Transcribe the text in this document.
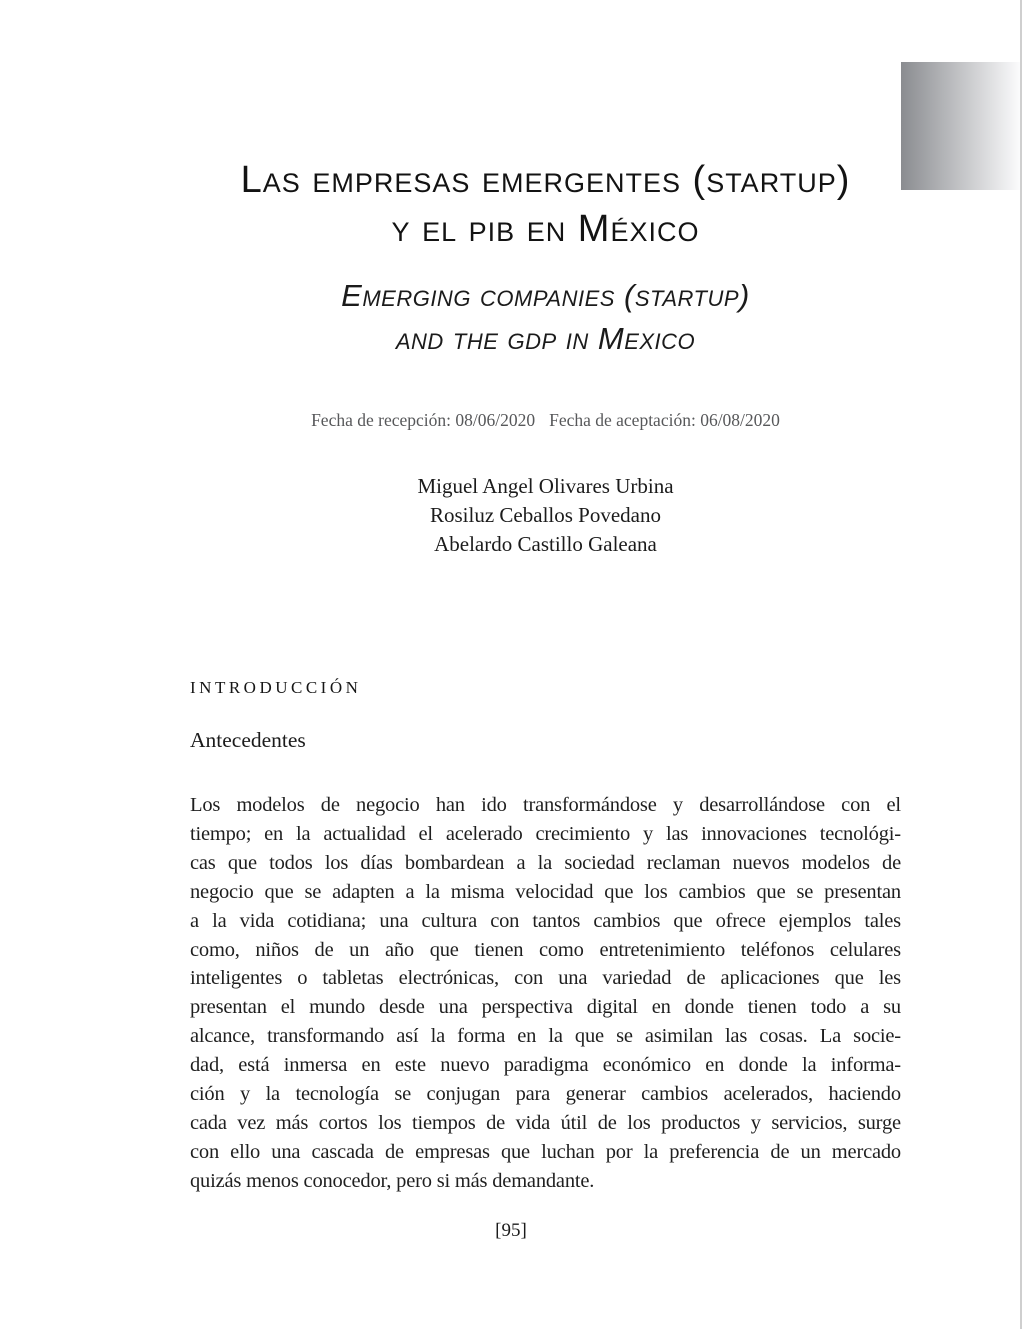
Las empresas emergentes (startup)
y el pib en México
Emerging companies (startup)
and the gdp in Mexico
Fecha de recepción: 08/06/2020 Fecha de aceptación: 06/08/2020
Miguel Angel Olivares Urbina
Rosiluz Ceballos Povedano
Abelardo Castillo Galeana
INTRODUCCIÓN
Antecedentes
Los modelos de negocio han ido transformándose y desarrollándose con el
tiempo; en la actualidad el acelerado crecimiento y las innovaciones tecnológi-
cas que todos los días bombardean a la sociedad reclaman nuevos modelos de
negocio que se adapten a la misma velocidad que los cambios que se presentan
a la vida cotidiana; una cultura con tantos cambios que ofrece ejemplos tales
como, niños de un año que tienen como entretenimiento teléfonos celulares
inteligentes o tabletas electrónicas, con una variedad de aplicaciones que les
presentan el mundo desde una perspectiva digital en donde tienen todo a su
alcance, transformando así la forma en la que se asimilan las cosas. La socie-
dad, está inmersa en este nuevo paradigma económico en donde la informa-
ción y la tecnología se conjugan para generar cambios acelerados, haciendo
cada vez más cortos los tiempos de vida útil de los productos y servicios, surge
con ello una cascada de empresas que luchan por la preferencia de un mercado
quizás menos conocedor, pero si más demandante.
[95]
